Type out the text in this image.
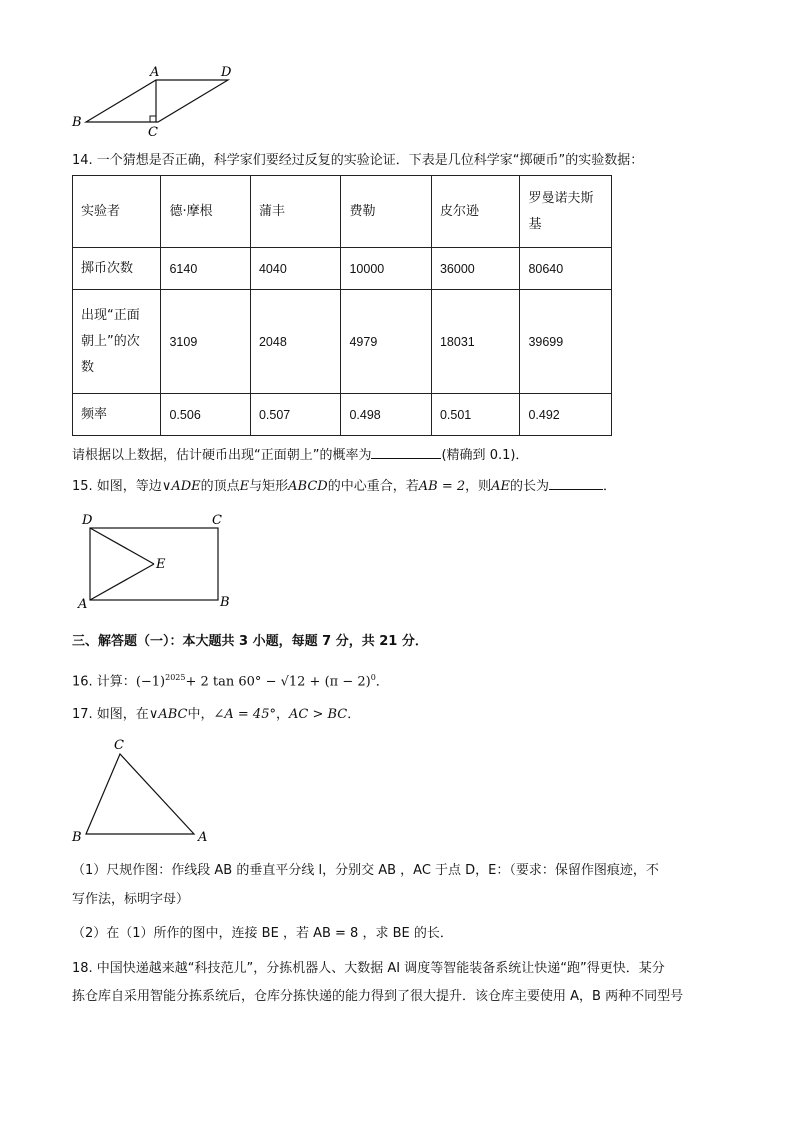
A	D
B
C
14. 一个猜想是否正确，科学家们要经过反复的实验论证．下表是几位科学家“掷硬币”的实验数据：
实验者	德·摩根	蒲丰	费勒	皮尔逊	罗曼诺夫斯
基

掷币次数	6140	4040	10000	36000	80640

出现“正面
朝上”的次
数	3109	2048	4979	18031	39699
频率	0.506	0.507	0.498	0.501	0.492
请根据以上数据，估计硬币出现“正面朝上”的概率为	(精确到 0.1)．
15. 如图，等边∨ADE的顶点E与矩形ABCD的中心重合，若AB = 2，则AE的长为	．
D	C
E
A	B
三、解答题（一）：本大题共 3 小题，每题 7 分，共 21 分．
16. 计算：$(-1)^{2025}+ 2$ $\tan 60^\circ - √12 + (\pi - 2)^0$．
17. 如图，在∨ABC中，∠A = 45°，AC > BC．
C
B	A
（1）尺规作图：作线段 AB 的垂直平分线 l，分别交 AB ，AC 于点 D，E：（要求：保留作图痕迹，不
写作法，标明字母）
（2）在（1）所作的图中，连接 BE ，若 AB = 8 ，求 BE 的长．
18. 中国快递越来越“科技范儿”，分拣机器人、大数据 AI 调度等智能装备系统让快递“跑”得更快．某分
拣仓库自采用智能分拣系统后，仓库分拣快递的能力得到了很大提升．该仓库主要使用 A，B 两种不同型号
